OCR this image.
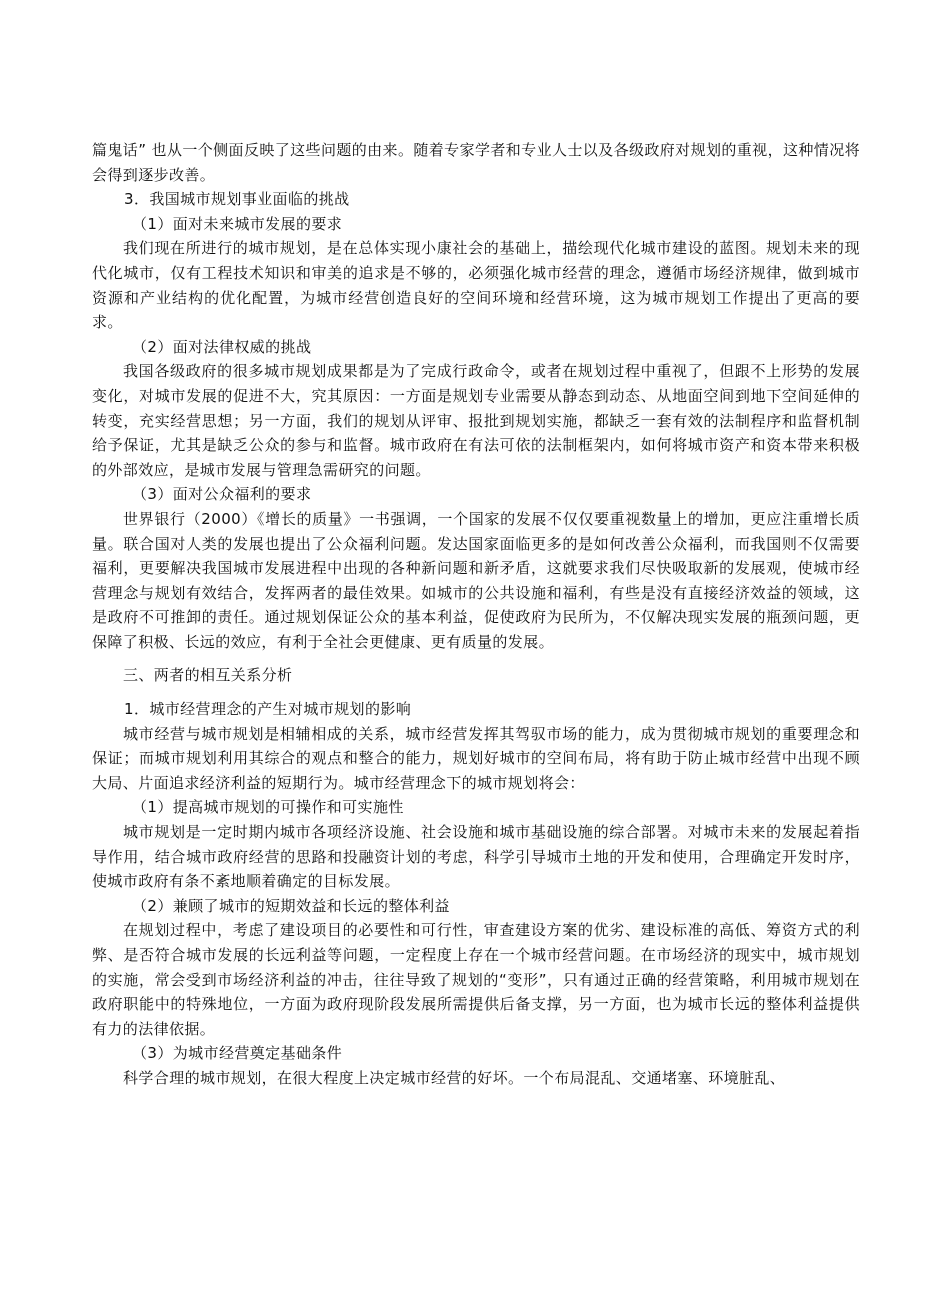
篇鬼话” 也从一个侧面反映了这些问题的由来。随着专家学者和专业人士以及各级政府对规划的重视，这种情况将会得到逐步改善。

3．我国城市规划事业面临的挑战

（1）面对未来城市发展的要求

我们现在所进行的城市规划，是在总体实现小康社会的基础上，描绘现代化城市建设的蓝图。规划未来的现代化城市，仅有工程技术知识和审美的追求是不够的，必须强化城市经营的理念，遵循市场经济规律，做到城市资源和产业结构的优化配置，为城市经营创造良好的空间环境和经营环境，这为城市规划工作提出了更高的要求。

（2）面对法律权威的挑战

我国各级政府的很多城市规划成果都是为了完成行政命令，或者在规划过程中重视了，但跟不上形势的发展变化，对城市发展的促进不大，究其原因：一方面是规划专业需要从静态到动态、从地面空间到地下空间延伸的转变，充实经营思想；另一方面，我们的规划从评审、报批到规划实施，都缺乏一套有效的法制程序和监督机制给予保证，尤其是缺乏公众的参与和监督。城市政府在有法可依的法制框架内，如何将城市资产和资本带来积极的外部效应，是城市发展与管理急需研究的问题。

（3）面对公众福利的要求

世界银行（2000）《增长的质量》一书强调，一个国家的发展不仅仅要重视数量上的增加，更应注重增长质量。联合国对人类的发展也提出了公众福利问题。发达国家面临更多的是如何改善公众福利，而我国则不仅需要福利，更要解决我国城市发展进程中出现的各种新问题和新矛盾，这就要求我们尽快吸取新的发展观，使城市经营理念与规划有效结合，发挥两者的最佳效果。如城市的公共设施和福利，有些是没有直接经济效益的领域，这是政府不可推卸的责任。通过规划保证公众的基本利益，促使政府为民所为，不仅解决现实发展的瓶颈问题，更保障了积极、长远的效应，有利于全社会更健康、更有质量的发展。

三、两者的相互关系分析

1．城市经营理念的产生对城市规划的影响

城市经营与城市规划是相辅相成的关系，城市经营发挥其驾驭市场的能力，成为贯彻城市规划的重要理念和保证；而城市规划利用其综合的观点和整合的能力，规划好城市的空间布局，将有助于防止城市经营中出现不顾大局、片面追求经济利益的短期行为。城市经营理念下的城市规划将会：

（1）提高城市规划的可操作和可实施性

城市规划是一定时期内城市各项经济设施、社会设施和城市基础设施的综合部署。对城市未来的发展起着指导作用，结合城市政府经营的思路和投融资计划的考虑，科学引导城市土地的开发和使用，合理确定开发时序，使城市政府有条不紊地顺着确定的目标发展。

（2）兼顾了城市的短期效益和长远的整体利益

在规划过程中，考虑了建设项目的必要性和可行性，审查建设方案的优劣、建设标准的高低、筹资方式的利弊、是否符合城市发展的长远利益等问题，一定程度上存在一个城市经营问题。在市场经济的现实中，城市规划的实施，常会受到市场经济利益的冲击，往往导致了规划的“变形”，只有通过正确的经营策略，利用城市规划在政府职能中的特殊地位，一方面为政府现阶段发展所需提供后备支撑，另一方面，也为城市长远的整体利益提供有力的法律依据。

（3）为城市经营奠定基础条件

科学合理的城市规划，在很大程度上决定城市经营的好坏。一个布局混乱、交通堵塞、环境脏乱、
